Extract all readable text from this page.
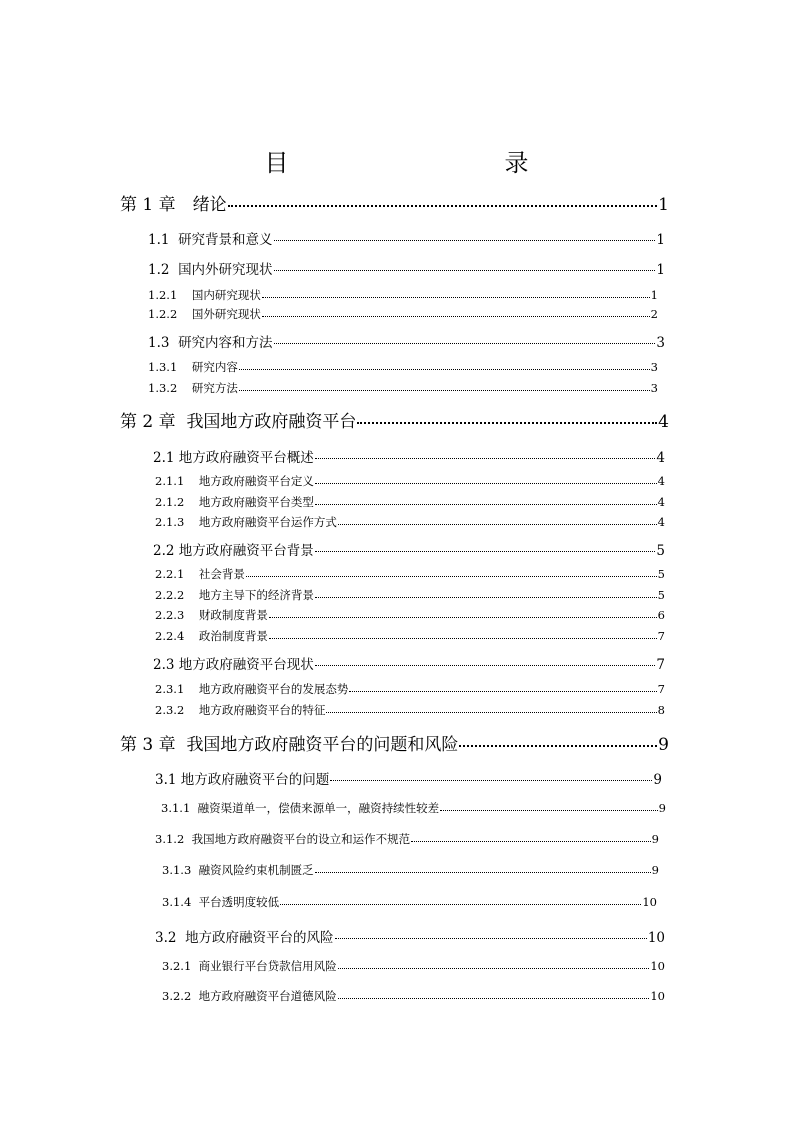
目　　录
第 1 章　 绪论	1
1.1 研究背景和意义	1
1.2 国内外研究现状	1
1.2.1 国内研究现状	1
1.2.2 国外研究现状	2
1.3 研究内容和方法	3
1.3.1 研究内容	3
1.3.2 研究方法	3
第 2 章 我国地方政府融资平台	4
2.1 地方政府融资平台概述	4
2.1.1 地方政府融资平台定义	4
2.1.2 地方政府融资平台类型	4
2.1.3 地方政府融资平台运作方式	4
2.2 地方政府融资平台背景	5
2.2.1 社会背景	5
2.2.2 地方主导下的经济背景	5
2.2.3 财政制度背景	6
2.2.4 政治制度背景	7
2.3 地方政府融资平台现状	7
2.3.1 地方政府融资平台的发展态势	7
2.3.2 地方政府融资平台的特征	8
第 3 章 我国地方政府融资平台的问题和风险	9
3.1 地方政府融资平台的问题	9
3.1.1 融资渠道单一，偿债来源单一，融资持续性较差	9
3.1.2 我国地方政府融资平台的设立和运作不规范	9
3.1.3 融资风险约束机制匮乏	9
3.1.4 平台透明度较低	10
3.2 地方政府融资平台的风险	10
3.2.1 商业银行平台贷款信用风险	10
3.2.2 地方政府融资平台道德风险	10
